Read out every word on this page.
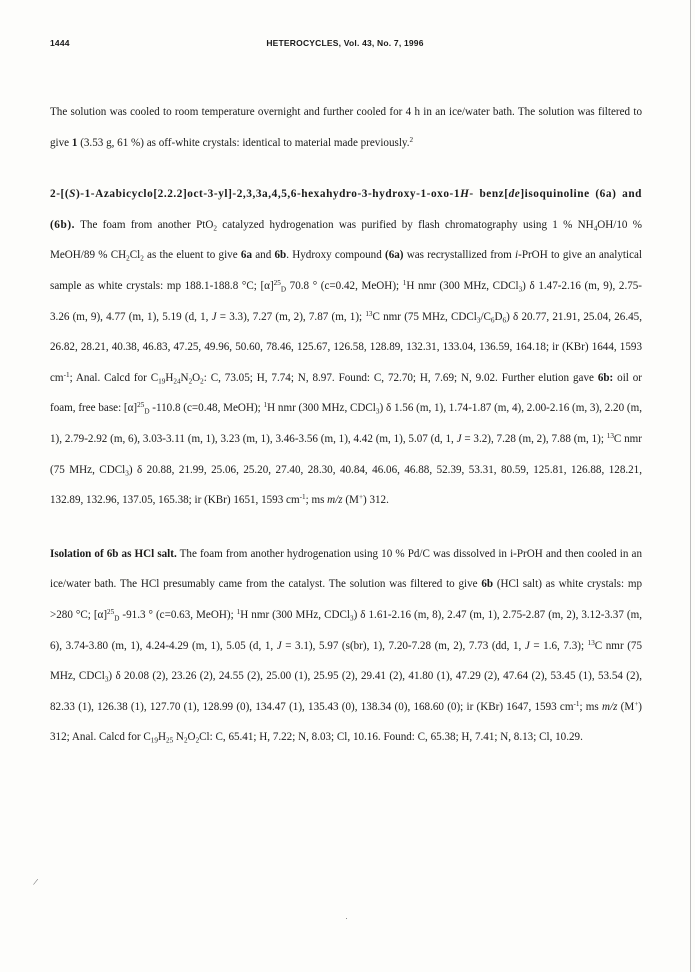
1444	HETEROCYCLES, Vol. 43, No. 7, 1996

The solution was cooled to room temperature overnight and further cooled for 4 h in an ice/water bath. The solution was filtered to give 1 (3.53 g, 61 %) as off-white crystals: identical to material made previously.$^2$

2-[(S)-1-Azabicyclo[2.2.2]oct-3-yl]-2,3,3a,4,5,6-hexahydro-3-hydroxy-1-oxo-1H- benz[de]isoquinoline (6a) and (6b). The foam from another PtO$_2$ catalyzed hydrogenation was purified by flash chromatography using 1 % $NH_4OH/10$ % MeOH/89 % $CH_2Cl_2$ as the eluent to give 6a and 6b. Hydroxy compound (6a) was recrystallized from i-PrOH to give an analytical sample as white crystals: mp 188.1-188.8 °C; $[\alpha]^{25}_D$ 70.8 ° (c=0.42, MeOH); $^1$H nmr (300 MHz, CDCl$_3$) δ 1.47-2.16 (m, 9), 2.75-3.26 (m, 9), 4.77 (m, 1), 5.19 (d, 1, J = 3.3), 7.27 (m, 2), 7.87 (m, 1); $^{13}$C nmr (75 MHz, $CDCl_3/C_6D_6$) δ 20.77, 21.91, 25.04, 26.45, 26.82, 28.21, 40.38, 46.83, 47.25, 49.96, 50.60, 78.46, 125.67, 126.58, 128.89, 132.31, 133.04, 136.59, 164.18; ir (KBr) 1644, 1593 $cm^{-1}$; Anal. Calcd for $C_{19}H_{24}N_2O_2$: C, 73.05; H, 7.74; N, 8.97. Found: C, 72.70; H, 7.69; N, 9.02. Further elution gave 6b: oil or foam, free base: $[\alpha]^{25}_D$ -110.8 (c=0.48, MeOH); $^1$H nmr (300 MHz, CDCl$_3$) δ 1.56 (m, 1), 1.74-1.87 (m, 4), 2.00-2.16 (m, 3), 2.20 (m, 1), 2.79-2.92 (m, 6), 3.03-3.11 (m, 1), 3.23 (m, 1), 3.46-3.56 (m, 1), 4.42 (m, 1), 5.07 (d, 1, J = 3.2), 7.28 (m, 2), 7.88 (m, 1); $^{13}$C nmr (75 MHz, CDCl$_3$) δ 20.88, 21.99, 25.06, 25.20, 27.40, 28.30, 40.84, 46.06, 46.88, 52.39, 53.31, 80.59, 125.81, 126.88, 128.21, 132.89, 132.96, 137.05, 165.38; ir (KBr) 1651, 1593 $cm^{-1}$; ms m/z (M+) 312.

Isolation of 6b as HCl salt. The foam from another hydrogenation using 10 % Pd/C was dissolved in i-PrOH and then cooled in an ice/water bath. The HCl presumably came from the catalyst. The solution was filtered to give 6b (HCl salt) as white crystals: mp >280 °C; $[\alpha]^{25}_D$ -91.3 ° (c=0.63, MeOH); $^1$H nmr (300 MHz, CDCl$_3$) δ 1.61-2.16 (m, 8), 2.47 (m, 1), 2.75-2.87 (m, 2), 3.12-3.37 (m, 6), 3.74-3.80 (m, 1), 4.24-4.29 (m, 1), 5.05 (d, 1, J = 3.1), 5.97 (s(br), 1), 7.20-7.28 (m, 2), 7.73 (dd, 1, J = 1.6, 7.3); $^{13}$C nmr (75 MHz, CDCl$_3$) δ 20.08 (2), 23.26 (2), 24.55 (2), 25.00 (1), 25.95 (2), 29.41 (2), 41.80 (1), 47.29 (2), 47.64 (2), 53.45 (1), 53.54 (2), 82.33 (1), 126.38 (1), 127.70 (1), 128.99 (0), 134.47 (1), 135.43 (0), 138.34 (0), 168.60 (0); ir (KBr) 1647, 1593 $cm^{-1}$; ms m/z (M+) 312; Anal. Calcd for $C_{19}H_{25}$ $N_2O_2Cl$: C, 65.41; H, 7.22; N, 8.03; Cl, 10.16. Found: C, 65.38; H, 7.41; N, 8.13; Cl, 10.29.

/
